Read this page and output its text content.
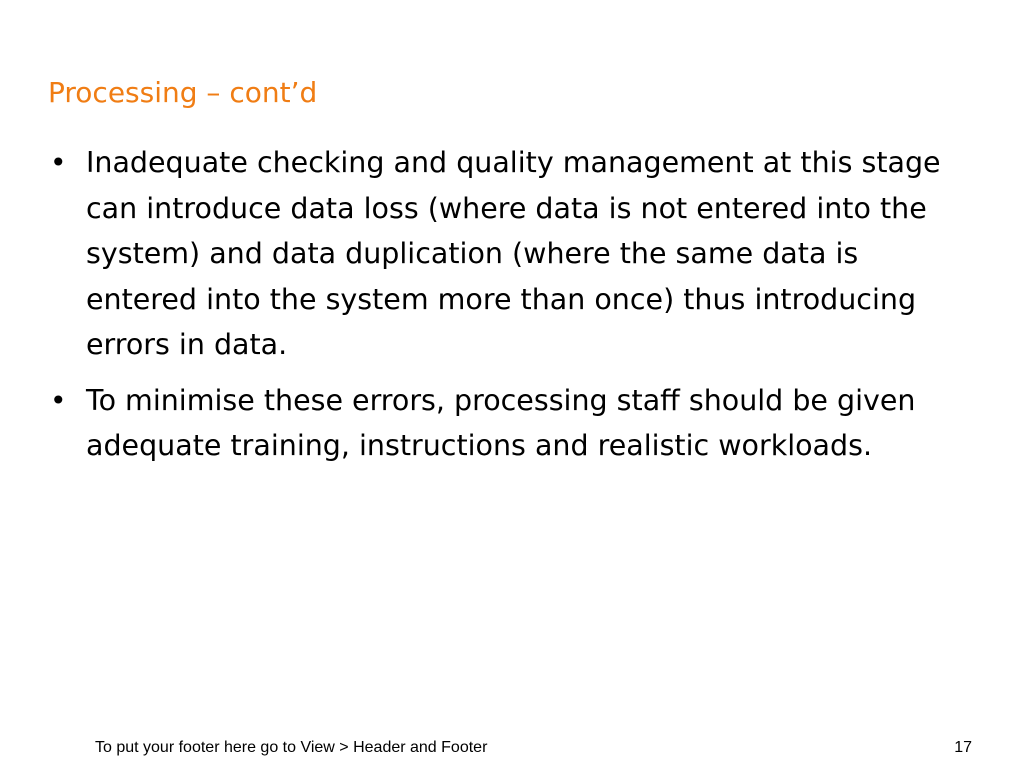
Processing – cont’d
• Inadequate checking and quality management at this stage can introduce data loss (where data is not entered into the system) and data duplication (where the same data is entered into the system more than once) thus introducing errors in data.
• To minimise these errors, processing staff should be given adequate training, instructions and realistic workloads.
To put your footer here go to View > Header and Footer	17
